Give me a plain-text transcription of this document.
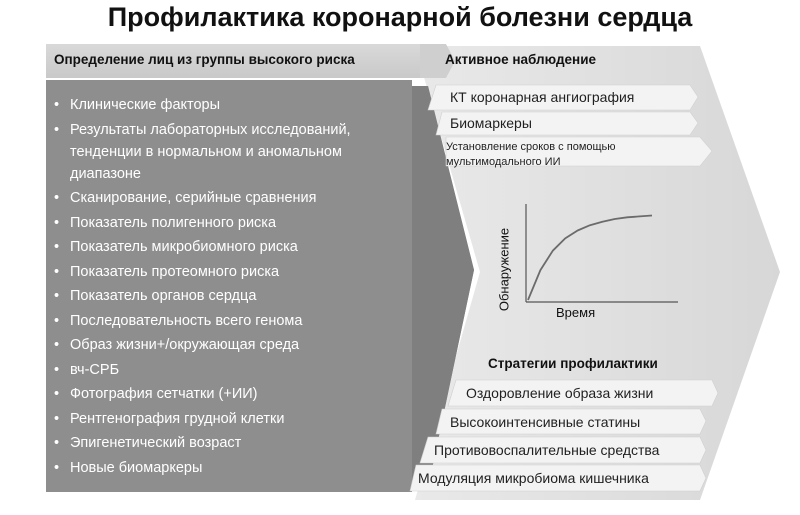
Профилактика коронарной болезни сердца
Определение лиц из группы высокого риска
• Клинические факторы
• Результаты лабораторных исследований, тенденции в нормальном и аномальном диапазоне
• Сканирование, серийные сравнения
• Показатель полигенного риска
• Показатель микробиомного риска
• Показатель протеомного риска
• Показатель органов сердца
• Последовательность всего генома
• Образ жизни+/окружающая среда
• вч-СРБ
• Фотография сетчатки (+ИИ)
• Рентгенография грудной клетки
• Эпигенетический возраст
• Новые биомаркеры
Активное наблюдение
КТ коронарная ангиография
Биомаркеры
Установление сроков с помощью мультимодального ИИ
Обнаружение
Время
Стратегии профилактики
Оздоровление образа жизни
Высокоинтенсивные статины
Противовоспалительные средства
Модуляция микробиома кишечника
